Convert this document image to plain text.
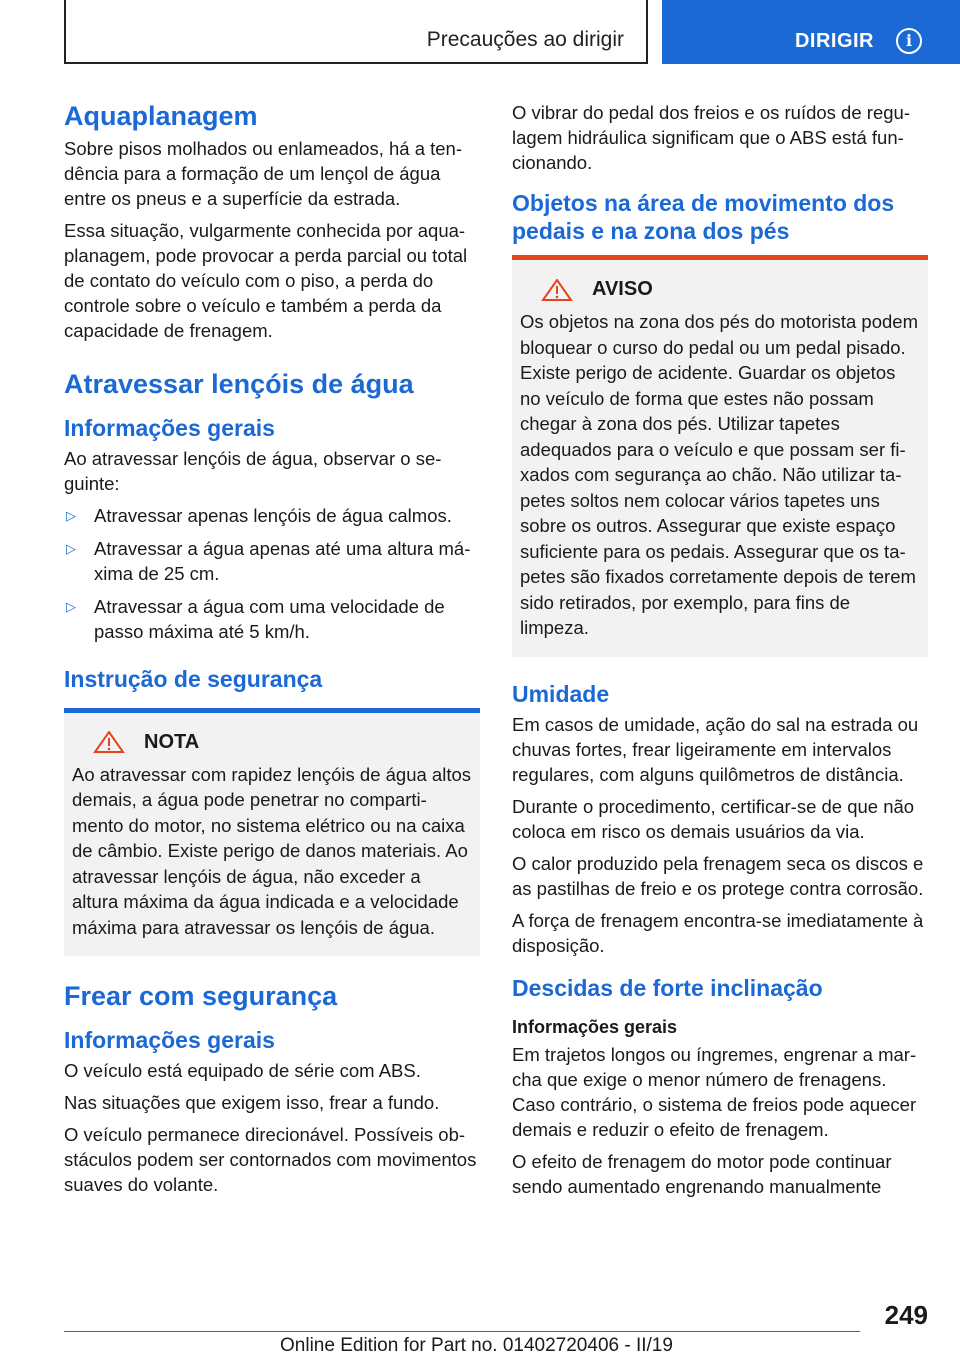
Precauções ao dirigir	DIRIGIR	i
Aquaplanagem

Sobre pisos molhados ou enlameados, há a tendência para a formação de um lençol de água entre os pneus e a superfície da estrada.

Essa situação, vulgarmente conhecida por aquaplanagem, pode provocar a perda parcial ou total de contato do veículo com o piso, a perda do controle sobre o veículo e também a perda da capacidade de frenagem.

Atravessar lençóis de água
Informações gerais

Ao atravessar lençóis de água, observar o seguinte:

▷ Atravessar apenas lençóis de água calmos.
▷ Atravessar a água apenas até uma altura máxima de 25 cm.
▷ Atravessar a água com uma velocidade de passo máxima até 5 km/h.
Instrução de segurança
NOTA

Ao atravessar com rapidez lençóis de água altos demais, a água pode penetrar no compartimento do motor, no sistema elétrico ou na caixa de câmbio. Existe perigo de danos materiais. Ao atravessar lençóis de água, não exceder a altura máxima da água indicada e a velocidade máxima para atravessar os lençóis de água.

Frear com segurança
Informações gerais

O veículo está equipado de série com ABS.

Nas situações que exigem isso, frear a fundo.

O veículo permanece direcionável. Possíveis obstáculos podem ser contornados com movimentos suaves do volante.

O vibrar do pedal dos freios e os ruídos de regulagem hidráulica significam que o ABS está funcionando.

Objetos na área de movimento dos pedais e na zona dos pés
AVISO

Os objetos na zona dos pés do motorista podem bloquear o curso do pedal ou um pedal pisado. Existe perigo de acidente. Guardar os objetos no veículo de forma que estes não possam chegar à zona dos pés. Utilizar tapetes adequados para o veículo e que possam ser fixados com segurança ao chão. Não utilizar tapetes soltos nem colocar vários tapetes uns sobre os outros. Assegurar que existe espaço suficiente para os pedais. Assegurar que os tapetes são fixados corretamente depois de terem sido retirados, por exemplo, para fins de limpeza.

Umidade

Em casos de umidade, ação do sal na estrada ou chuvas fortes, frear ligeiramente em intervalos regulares, com alguns quilômetros de distância.

Durante o procedimento, certificar-se de que não coloca em risco os demais usuários da via.

O calor produzido pela frenagem seca os discos e as pastilhas de freio e os protege contra corrosão.

A força de frenagem encontra-se imediatamente à disposição.

Descidas de forte inclinação
Informações gerais

Em trajetos longos ou íngremes, engrenar a marcha que exige o menor número de frenagens. Caso contrário, o sistema de freios pode aquecer demais e reduzir o efeito de frenagem.

O efeito de frenagem do motor pode continuar sendo aumentado engrenando manualmente

249
Online Edition for Part no. 01402720406 - II/19
